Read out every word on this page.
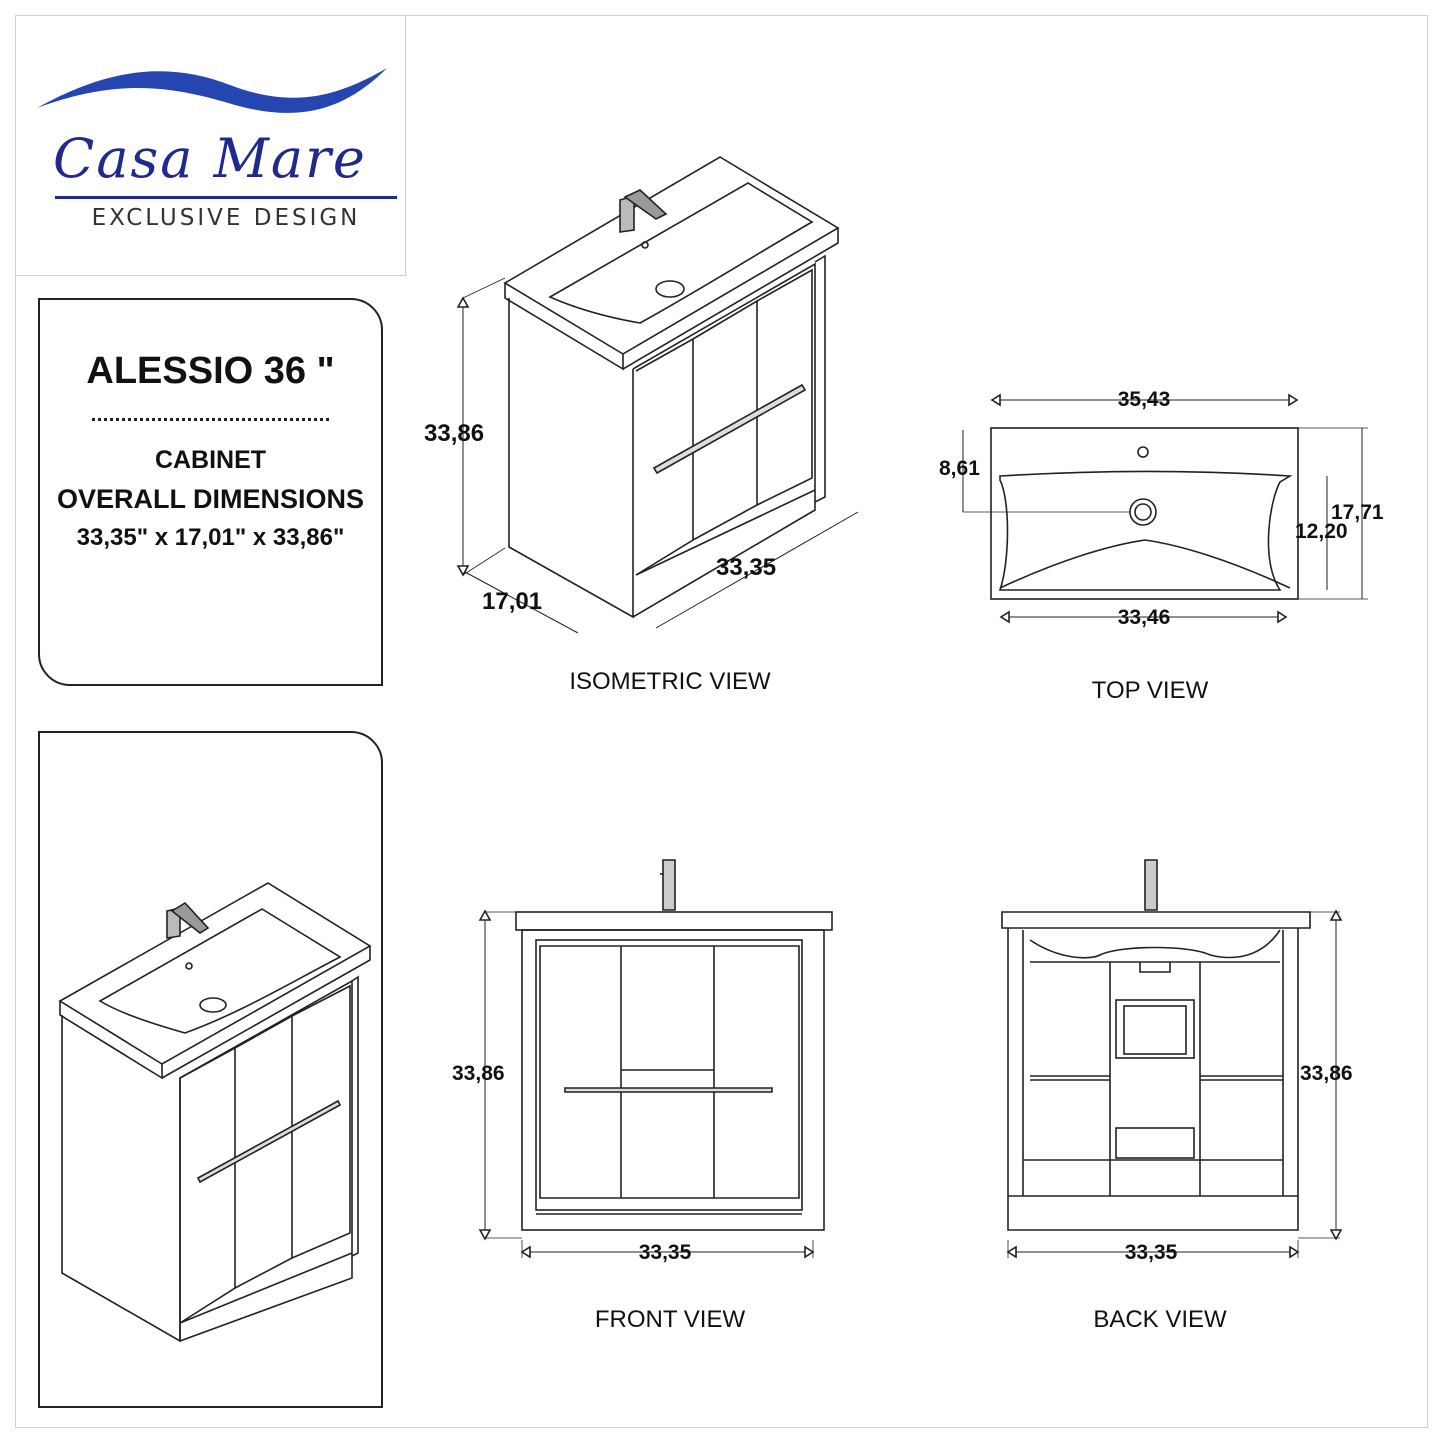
Casa Mare
EXCLUSIVE DESIGN
ALESSIO 36 "
CABINET
OVERALL DIMENSIONS
33,35" x 17,01" x 33,86"
33,86
17,01
33,35
ISOMETRIC VIEW
35,43
33,46
8,61
12,20
17,71
TOP VIEW
33,86
33,35
FRONT VIEW
33,86
33,35
BACK VIEW
